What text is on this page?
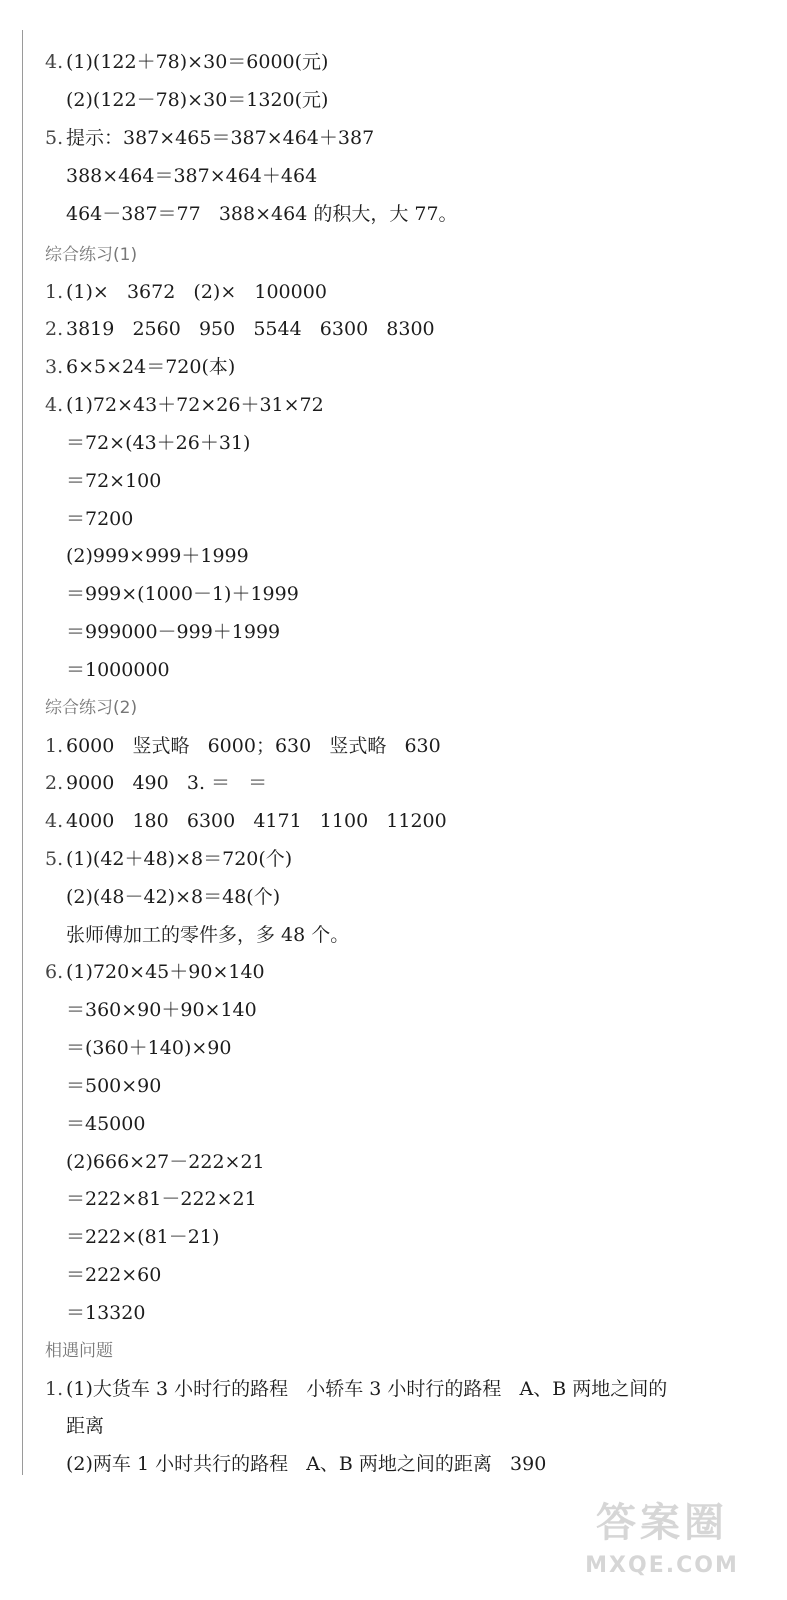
4. (1)(122＋78)×30＝6000(元)
(2)(122－78)×30＝1320(元)
5. 提示：387×465＝387×464＋387
388×464＝387×464＋464
464－387＝77   388×464 的积大，大 77。
综合练习(1)
1. (1)×   3672   (2)×   100000
2. 3819   2560   950   5544   6300   8300
3. 6×5×24＝720(本)
4. (1)72×43＋72×26＋31×72
＝72×(43＋26＋31)
＝72×100
＝7200
(2)999×999＋1999
＝999×(1000－1)＋1999
＝999000－999＋1999
＝1000000
综合练习(2)
1. 6000   竖式略   6000；630   竖式略   630
2. 9000   490   3. ＝   ＝
4. 4000   180   6300   4171   1100   11200
5. (1)(42＋48)×8＝720(个)
(2)(48－42)×8＝48(个)
张师傅加工的零件多，多 48 个。
6. (1)720×45＋90×140
＝360×90＋90×140
＝(360＋140)×90
＝500×90
＝45000
(2)666×27－222×21
＝222×81－222×21
＝222×(81－21)
＝222×60
＝13320
相遇问题
1. (1)大货车 3 小时行的路程   小轿车 3 小时行的路程   A、B 两地之间的
距离
(2)两车 1 小时共行的路程   A、B 两地之间的距离   390
答案圈
MXQE.COM
